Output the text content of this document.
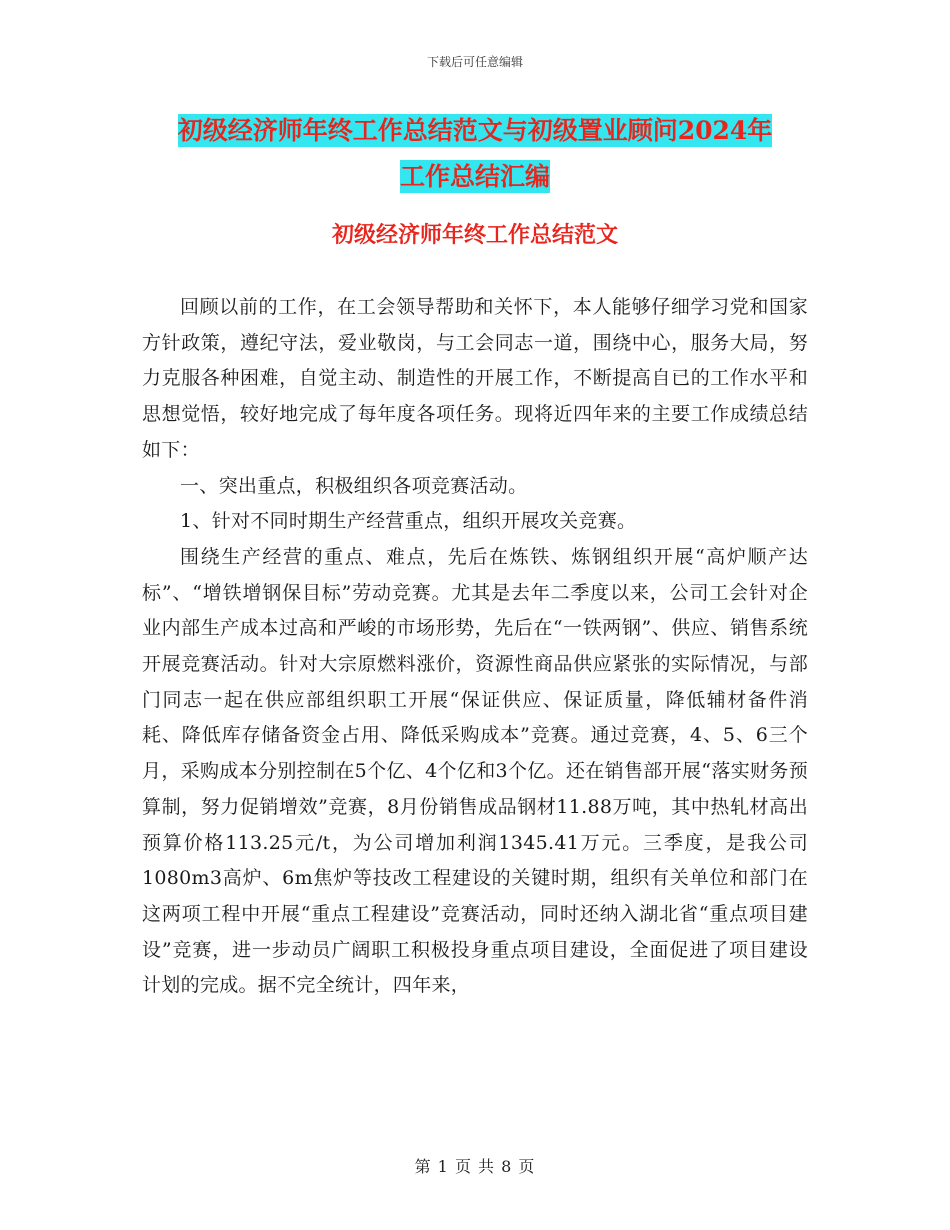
下载后可任意编辑
初级经济师年终工作总结范文与初级置业顾问2024年
工作总结汇编
初级经济师年终工作总结范文

回顾以前的工作，在工会领导帮助和关怀下，本人能够仔细学习党和国家方针政策，遵纪守法，爱业敬岗，与工会同志一道，围绕中心，服务大局，努力克服各种困难，自觉主动、制造性的开展工作，不断提高自已的工作水平和思想觉悟，较好地完成了每年度各项任务。现将近四年来的主要工作成绩总结如下：

一、突出重点，积极组织各项竞赛活动。

1、针对不同时期生产经营重点，组织开展攻关竞赛。

围绕生产经营的重点、难点，先后在炼铁、炼钢组织开展“高炉顺产达标”、“增铁增钢保目标”劳动竞赛。尤其是去年二季度以来，公司工会针对企业内部生产成本过高和严峻的市场形势，先后在“一铁两钢”、供应、销售系统开展竞赛活动。针对大宗原燃料涨价，资源性商品供应紧张的实际情况，与部门同志一起在供应部组织职工开展“保证供应、保证质量，降低辅材备件消耗、降低库存储备资金占用、降低采购成本”竞赛。通过竞赛，4、5、6三个月，采购成本分别控制在5个亿、4个亿和3个亿。还在销售部开展“落实财务预算制，努力促销增效”竞赛，8月份销售成品钢材11.88万吨，其中热轧材高出预算价格113.25元/t，为公司增加利润1345.41万元。三季度，是我公司1080m3高炉、6m焦炉等技改工程建设的关键时期，组织有关单位和部门在这两项工程中开展“重点工程建设”竞赛活动，同时还纳入湖北省“重点项目建设”竞赛，进一步动员广阔职工积极投身重点项目建设，全面促进了项目建设计划的完成。据不完全统计，四年来，

第 1 页 共 8 页
